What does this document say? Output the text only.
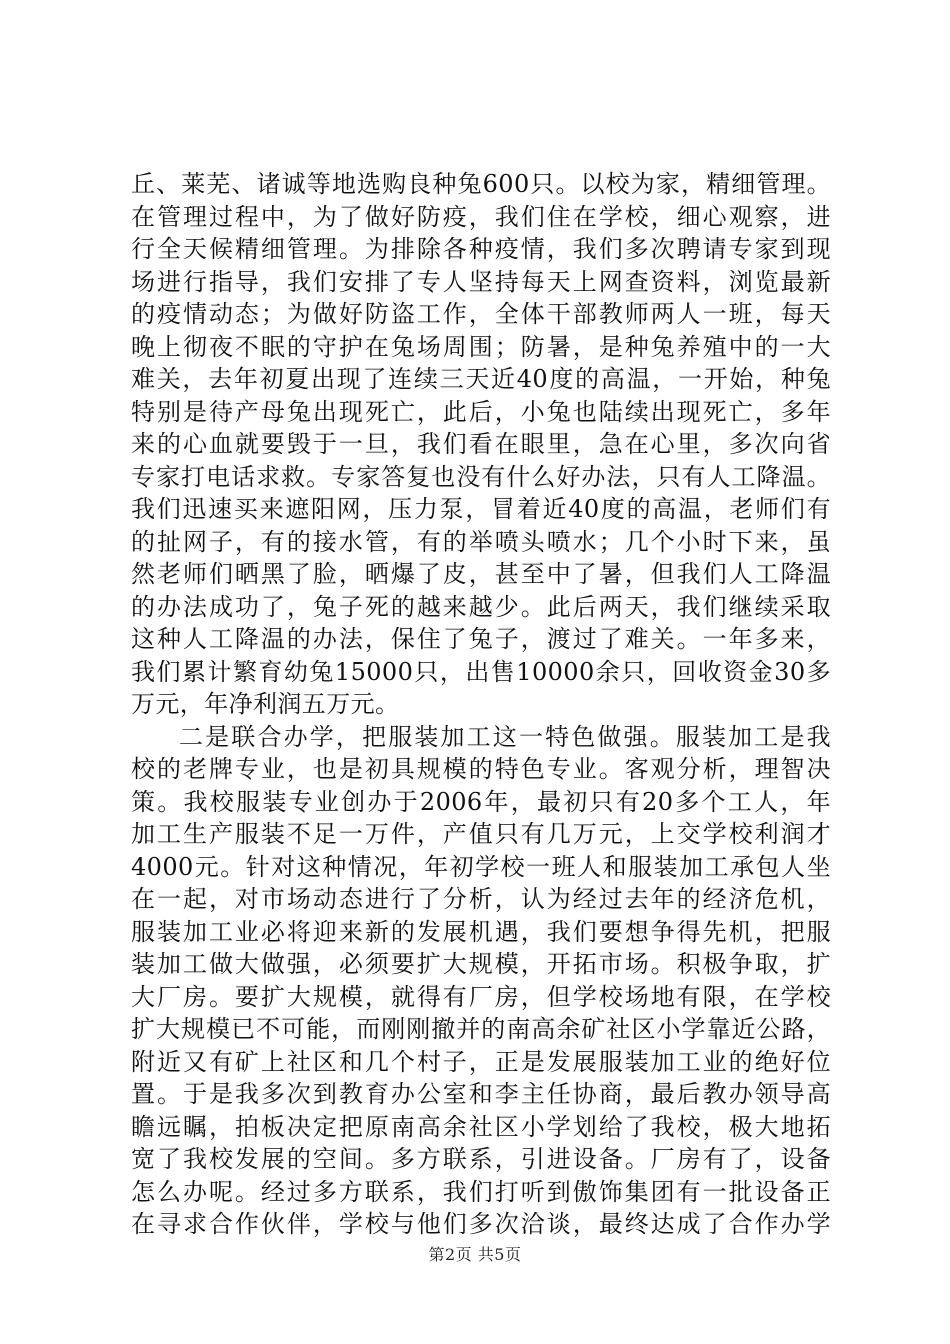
丘、莱芜、诸诚等地选购良种兔600只。以校为家，精细管理。
在管理过程中，为了做好防疫，我们住在学校，细心观察，进
行全天候精细管理。为排除各种疫情，我们多次聘请专家到现
场进行指导，我们安排了专人坚持每天上网查资料，浏览最新
的疫情动态；为做好防盗工作，全体干部教师两人一班，每天
晚上彻夜不眠的守护在兔场周围；防暑，是种兔养殖中的一大
难关，去年初夏出现了连续三天近40度的高温，一开始，种兔
特别是待产母兔出现死亡，此后，小兔也陆续出现死亡，多年
来的心血就要毁于一旦，我们看在眼里，急在心里，多次向省
专家打电话求救。专家答复也没有什么好办法，只有人工降温。
我们迅速买来遮阳网，压力泵，冒着近40度的高温，老师们有
的扯网子，有的接水管，有的举喷头喷水；几个小时下来，虽
然老师们晒黑了脸，晒爆了皮，甚至中了暑，但我们人工降温
的办法成功了，兔子死的越来越少。此后两天，我们继续采取
这种人工降温的办法，保住了兔子，渡过了难关。一年多来，
我们累计繁育幼兔15000只，出售10000余只，回收资金30多
万元，年净利润五万元。
二是联合办学，把服装加工这一特色做强。服装加工是我
校的老牌专业，也是初具规模的特色专业。客观分析，理智决
策。我校服装专业创办于2006年，最初只有20多个工人，年
加工生产服装不足一万件，产值只有几万元，上交学校利润才
4000元。针对这种情况，年初学校一班人和服装加工承包人坐
在一起，对市场动态进行了分析，认为经过去年的经济危机，
服装加工业必将迎来新的发展机遇，我们要想争得先机，把服
装加工做大做强，必须要扩大规模，开拓市场。积极争取，扩
大厂房。要扩大规模，就得有厂房，但学校场地有限，在学校
扩大规模已不可能，而刚刚撤并的南高余矿社区小学靠近公路，
附近又有矿上社区和几个村子，正是发展服装加工业的绝好位
置。于是我多次到教育办公室和李主任协商，最后教办领导高
瞻远瞩，拍板决定把原南高余社区小学划给了我校，极大地拓
宽了我校发展的空间。多方联系，引进设备。厂房有了，设备
怎么办呢。经过多方联系，我们打听到傲饰集团有一批设备正
在寻求合作伙伴，学校与他们多次洽谈，最终达成了合作办学
第2页 共5页
